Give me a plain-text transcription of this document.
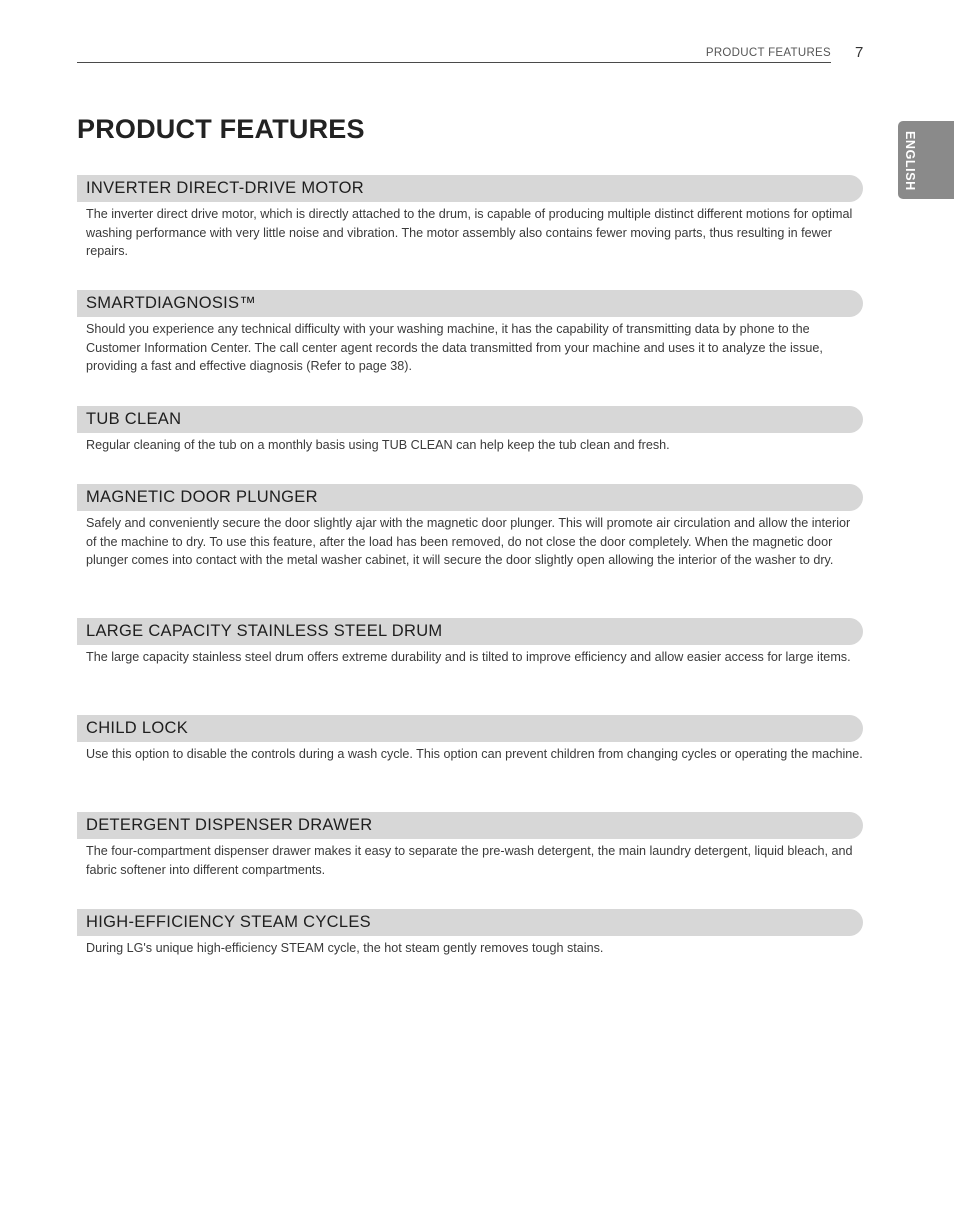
PRODUCT FEATURES 7
ENGLISH
PRODUCT FEATURES
INVERTER DIRECT-DRIVE MOTOR
The inverter direct drive motor, which is directly attached to the drum, is capable of producing multiple distinct different motions for optimal washing performance with very little noise and vibration. The motor assembly also contains fewer moving parts, thus resulting in fewer repairs.
SMARTDIAGNOSIS™
Should you experience any technical difficulty with your washing machine, it has the capability of transmitting data by phone to the Customer Information Center. The call center agent records the data transmitted from your machine and uses it to analyze the issue, providing a fast and effective diagnosis (Refer to page 38).
TUB CLEAN
Regular cleaning of the tub on a monthly basis using TUB CLEAN can help keep the tub clean and fresh.
MAGNETIC DOOR PLUNGER
Safely and conveniently secure the door slightly ajar with the magnetic door plunger. This will promote air circulation and allow the interior of the machine to dry. To use this feature, after the load has been removed, do not close the door completely. When the magnetic door plunger comes into contact with the metal washer cabinet, it will secure the door slightly open allowing the interior of the washer to dry.
LARGE CAPACITY STAINLESS STEEL DRUM
The large capacity stainless steel drum offers extreme durability and is tilted to improve efficiency and allow easier access for large items.
CHILD LOCK
Use this option to disable the controls during a wash cycle. This option can prevent children from changing cycles or operating the machine.
DETERGENT DISPENSER DRAWER
The four-compartment dispenser drawer makes it easy to separate the pre-wash detergent, the main laundry detergent, liquid bleach, and fabric softener into different compartments.
HIGH-EFFICIENCY STEAM CYCLES
During LG's unique high-efficiency STEAM cycle, the hot steam gently removes tough stains.
